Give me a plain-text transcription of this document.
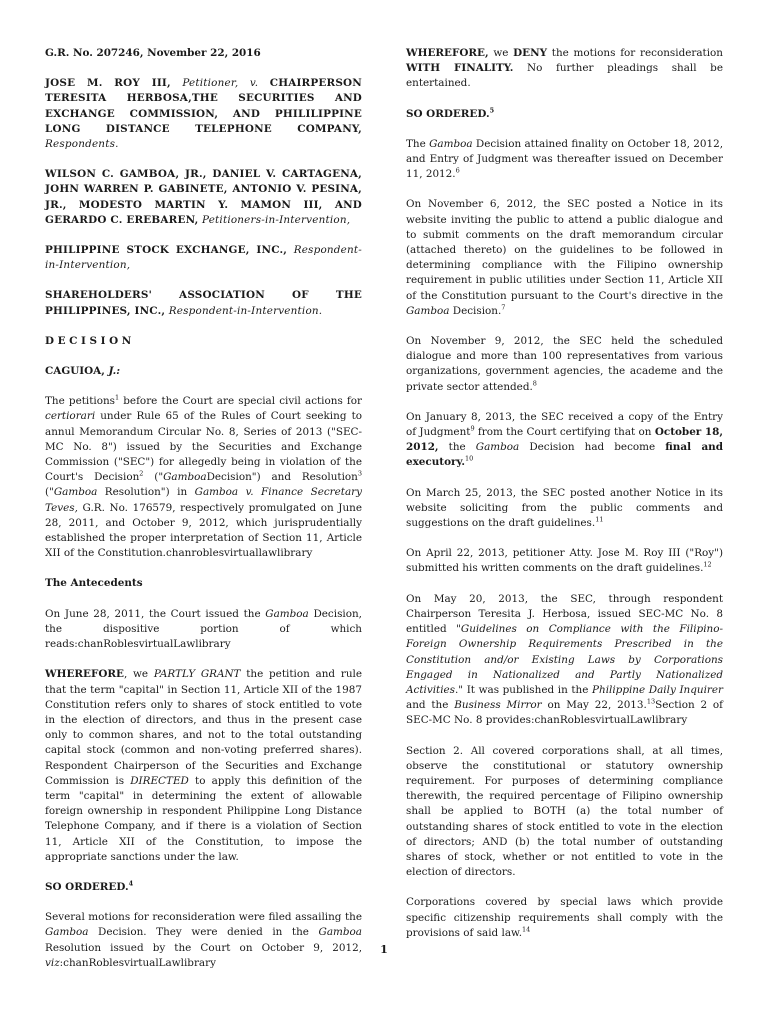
G.R. No. 207246, November 22, 2016

JOSE M. ROY III, Petitioner, v. CHAIRPERSON TERESITA HERBOSA,THE SECURITIES AND EXCHANGE COMMISSION, AND PHILILIPPINE LONG DISTANCE TELEPHONE COMPANY, Respondents.

WILSON C. GAMBOA, JR., DANIEL V. CARTAGENA, JOHN WARREN P. GABINETE, ANTONIO V. PESINA, JR., MODESTO MARTIN Y. MAMON III, AND GERARDO C. EREBAREN, Petitioners-in-Intervention,

PHILIPPINE STOCK EXCHANGE, INC., Respondent-in-Intervention,

SHAREHOLDERS' ASSOCIATION OF THE PHILIPPINES, INC., Respondent-in-Intervention.

D E C I S I O N

CAGUIOA, J.:

The petitions$^1$ before the Court are special civil actions for certiorari under Rule 65 of the Rules of Court seeking to annul Memorandum Circular No. 8, Series of 2013 ("SEC-MC No. 8") issued by the Securities and Exchange Commission ("SEC") for allegedly being in violation of the Court's Decision$^2$ ("GamboaDecision") and Resolution$^3$ ("Gamboa Resolution") in Gamboa v. Finance Secretary Teves, G.R. No. 176579, respectively promulgated on June 28, 2011, and October 9, 2012, which jurisprudentially established the proper interpretation of Section 11, Article XII of the Constitution.chanroblesvirtuallawlibrary

The Antecedents

On June 28, 2011, the Court issued the Gamboa Decision, the dispositive portion of which reads:chanRoblesvirtualLawlibrary

WHEREFORE, we PARTLY GRANT the petition and rule that the term "capital" in Section 11, Article XII of the 1987 Constitution refers only to shares of stock entitled to vote in the election of directors, and thus in the present case only to common shares, and not to the total outstanding capital stock (common and non-voting preferred shares). Respondent Chairperson of the Securities and Exchange Commission is DIRECTED to apply this definition of the term "capital" in determining the extent of allowable foreign ownership in respondent Philippine Long Distance Telephone Company, and if there is a violation of Section 11, Article XII of the Constitution, to impose the appropriate sanctions under the law.

SO ORDERED.$^4$

Several motions for reconsideration were filed assailing the Gamboa Decision. They were denied in the Gamboa Resolution issued by the Court on October 9, 2012, viz:chanRoblesvirtualLawlibrary

WHEREFORE, we DENY the motions for reconsideration WITH FINALITY. No further pleadings shall be entertained.

SO ORDERED.$^5$

The Gamboa Decision attained finality on October 18, 2012, and Entry of Judgment was thereafter issued on December 11, 2012.$^6$

On November 6, 2012, the SEC posted a Notice in its website inviting the public to attend a public dialogue and to submit comments on the draft memorandum circular (attached thereto) on the guidelines to be followed in determining compliance with the Filipino ownership requirement in public utilities under Section 11, Article XII of the Constitution pursuant to the Court's directive in the Gamboa Decision.$^7$

On November 9, 2012, the SEC held the scheduled dialogue and more than 100 representatives from various organizations, government agencies, the academe and the private sector attended.$^8$

On January 8, 2013, the SEC received a copy of the Entry of Judgment$^9$ from the Court certifying that on October 18, 2012, the Gamboa Decision had become final and executory.$^{10}$

On March 25, 2013, the SEC posted another Notice in its website soliciting from the public comments and suggestions on the draft guidelines.$^{11}$

On April 22, 2013, petitioner Atty. Jose M. Roy III ("Roy") submitted his written comments on the draft guidelines.$^{12}$

On May 20, 2013, the SEC, through respondent Chairperson Teresita J. Herbosa, issued SEC-MC No. 8 entitled "Guidelines on Compliance with the Filipino-Foreign Ownership Requirements Prescribed in the Constitution and/or Existing Laws by Corporations Engaged in Nationalized and Partly Nationalized Activities." It was published in the Philippine Daily Inquirer and the Business Mirror on May 22, 2013.13Section 2 of SEC-MC No. 8 provides:chanRoblesvirtualLawlibrary

Section 2. All covered corporations shall, at all times, observe the constitutional or statutory ownership requirement. For purposes of determining compliance therewith, the required percentage of Filipino ownership shall be applied to BOTH (a) the total number of outstanding shares of stock entitled to vote in the election of directors; AND (b) the total number of outstanding shares of stock, whether or not entitled to vote in the election of directors.

Corporations covered by special laws which provide specific citizenship requirements shall comply with the provisions of said law.$^{14}$

1
